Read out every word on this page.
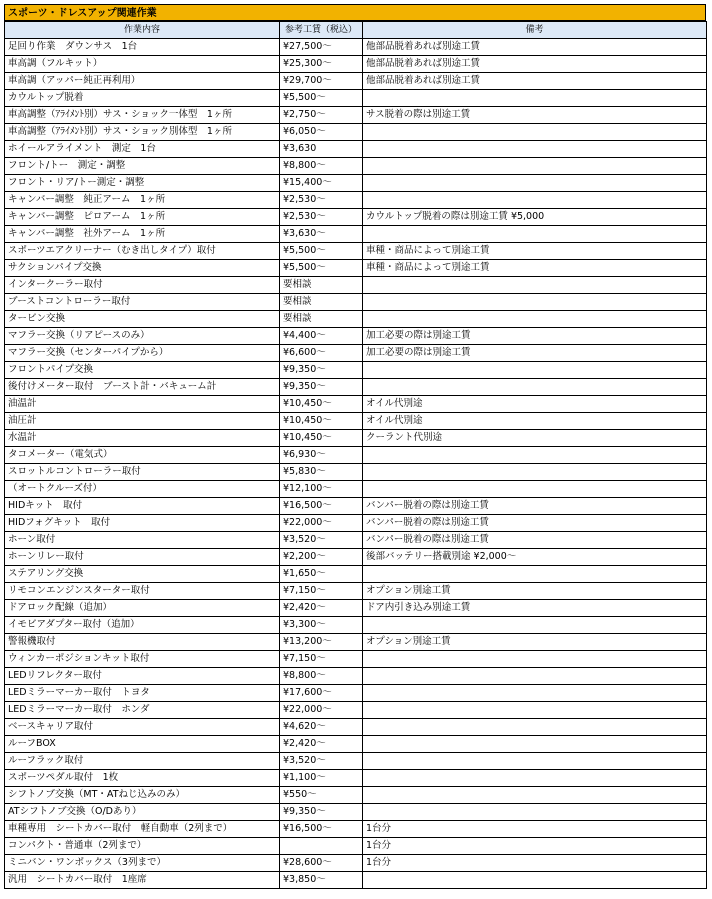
スポーツ・ドレスアップ関連作業
作業内容	参考工賃（税込）	備考
足回り作業　ダウンサス　1台	¥27,500～	他部品脱着あれば別途工賃
車高調（フルキット）	¥25,300～	他部品脱着あれば別途工賃
車高調（アッパー純正再利用）	¥29,700～	他部品脱着あれば別途工賃
カウルトップ脱着	¥5,500～	
車高調整（ｱﾗｲﾒﾝﾄ別）サス・ショック一体型　1ヶ所	¥2,750～	サス脱着の際は別途工賃
車高調整（ｱﾗｲﾒﾝﾄ別）サス・ショック別体型　1ヶ所	¥6,050～	
ホイールアライメント　測定　1台	¥3,630	
フロント/トー　測定・調整	¥8,800～	
フロント・リア/トー測定・調整	¥15,400～	
キャンバー調整　純正アーム　1ヶ所	¥2,530～	
キャンバー調整　ピロアーム　1ヶ所	¥2,530～	カウルトップ脱着の際は別途工賃 ¥5,000
キャンバー調整　社外アーム　1ヶ所	¥3,630～	
スポーツエアクリーナー（むき出しタイプ）取付	¥5,500～	車種・商品によって別途工賃
サクションパイプ交換	¥5,500～	車種・商品によって別途工賃
インタークーラー取付	要相談	
ブーストコントローラー取付	要相談	
タービン交換	要相談	
マフラー交換（リアピースのみ）	¥4,400～	加工必要の際は別途工賃
マフラー交換（センターパイプから）	¥6,600～	加工必要の際は別途工賃
フロントパイプ交換	¥9,350～	
後付けメーター取付　ブースト計・バキューム計	¥9,350～	
油温計	¥10,450～	オイル代別途
油圧計	¥10,450～	オイル代別途
水温計	¥10,450～	クーラント代別途
タコメーター（電気式）	¥6,930～	
スロットルコントローラー取付	¥5,830～	
（オートクルーズ付）	¥12,100～	
HIDキット　取付	¥16,500～	バンパー脱着の際は別途工賃
HIDフォグキット　取付	¥22,000～	バンパー脱着の際は別途工賃
ホーン取付	¥3,520～	バンパー脱着の際は別途工賃
ホーンリレー取付	¥2,200～	後部バッテリー搭載別途 ¥2,000～
ステアリング交換	¥1,650～	
リモコンエンジンスターター取付	¥7,150～	オプション別途工賃
ドアロック配線（追加）	¥2,420～	ドア内引き込み別途工賃
イモビアダプター取付（追加）	¥3,300～	
警報機取付	¥13,200～	オプション別途工賃
ウィンカーポジションキット取付	¥7,150～	
LEDリフレクター取付	¥8,800～	
LEDミラーマーカー取付　トヨタ	¥17,600～	
LEDミラーマーカー取付　ホンダ	¥22,000～	
ベースキャリア取付	¥4,620～	
ルーフBOX	¥2,420～	
ルーフラック取付	¥3,520～	
スポーツペダル取付　1枚	¥1,100～	
シフトノブ交換（MT・ATねじ込みのみ）	¥550～	
ATシフトノブ交換（O/Dあり）	¥9,350～	
車種専用　シートカバー取付　軽自動車（2列まで）	¥16,500～	1台分
コンパクト・普通車（2列まで）		1台分
ミニバン・ワンボックス（3列まで）	¥28,600～	1台分
汎用　シートカバー取付　1座席	¥3,850～	
